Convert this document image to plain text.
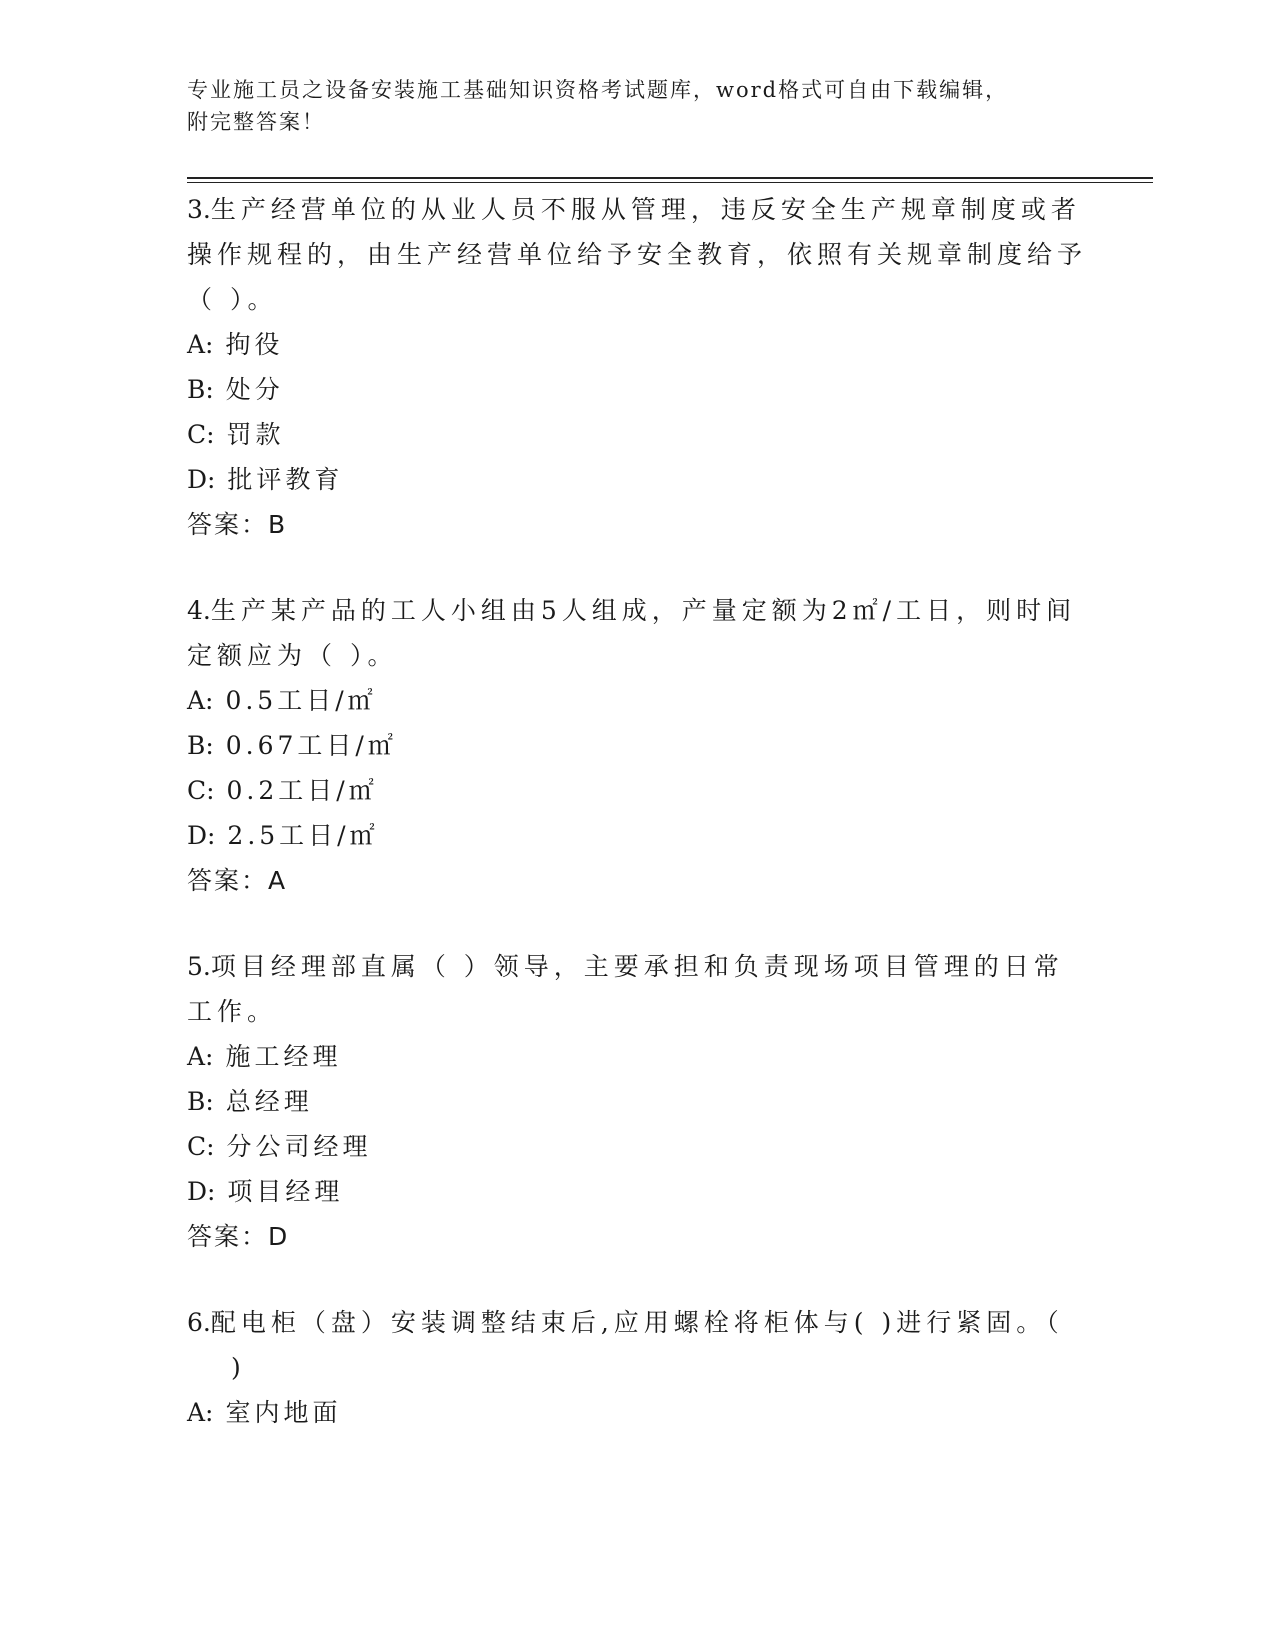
专业施工员之设备安装施工基础知识资格考试题库，word格式可自由下载编辑，
附完整答案！

3.生产经营单位的从业人员不服从管理，违反安全生产规章制度或者操作规程的，由生产经营单位给予安全教育，依照有关规章制度给予（ ）。

A: 拘役

B: 处分

C: 罚款

D: 批评教育

答案：B

4.生产某产品的工人小组由5人组成，产量定额为2㎡/工日，则时间定额应为（ ）。

A: 0.5工日/㎡

B: 0.67工日/㎡

C: 0.2工日/㎡

D: 2.5工日/㎡

答案：A

5.项目经理部直属（ ）领导，主要承担和负责现场项目管理的日常工作。

A: 施工经理

B: 总经理

C: 分公司经理

D: 项目经理

答案：D

6.配电柜（盘）安装调整结束后,应用螺栓将柜体与( )进行紧固。（

)

A: 室内地面
